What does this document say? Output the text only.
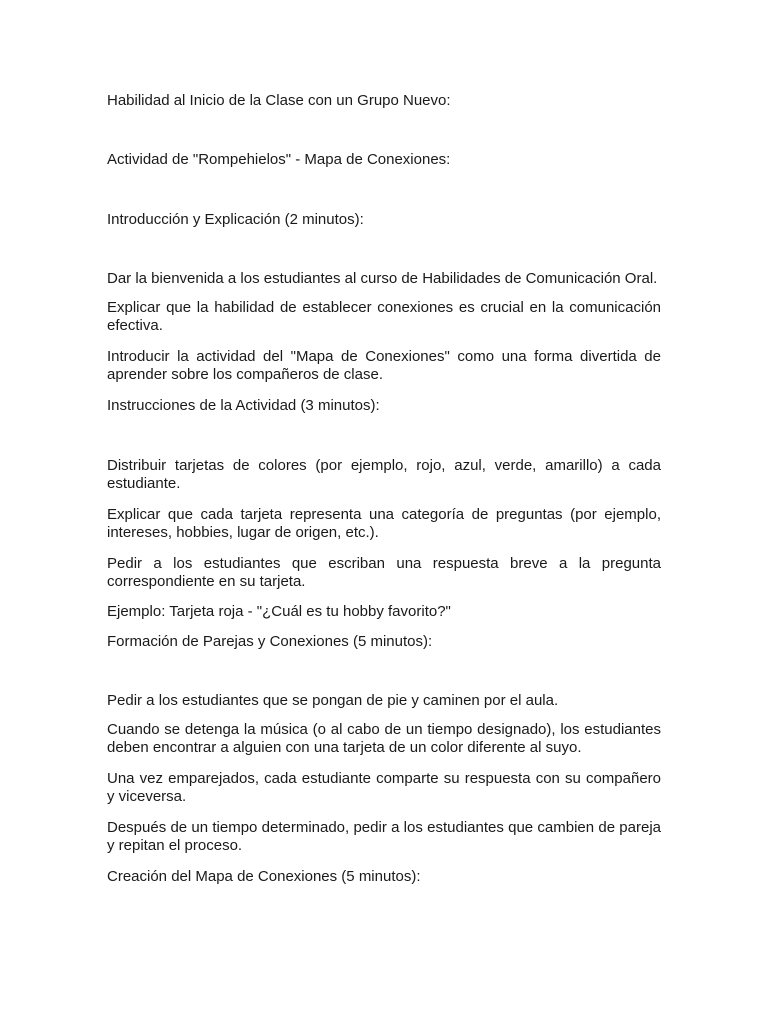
Habilidad al Inicio de la Clase con un Grupo Nuevo:

Actividad de "Rompehielos" - Mapa de Conexiones:

Introducción y Explicación (2 minutos):

Dar la bienvenida a los estudiantes al curso de Habilidades de Comunicación Oral.

Explicar que la habilidad de establecer conexiones es crucial en la comunicación efectiva.

Introducir la actividad del "Mapa de Conexiones" como una forma divertida de aprender sobre los compañeros de clase.

Instrucciones de la Actividad (3 minutos):

Distribuir tarjetas de colores (por ejemplo, rojo, azul, verde, amarillo) a cada estudiante.

Explicar que cada tarjeta representa una categoría de preguntas (por ejemplo, intereses, hobbies, lugar de origen, etc.).

Pedir a los estudiantes que escriban una respuesta breve a la pregunta correspondiente en su tarjeta.

Ejemplo: Tarjeta roja - "¿Cuál es tu hobby favorito?"

Formación de Parejas y Conexiones (5 minutos):

Pedir a los estudiantes que se pongan de pie y caminen por el aula.

Cuando se detenga la música (o al cabo de un tiempo designado), los estudiantes deben encontrar a alguien con una tarjeta de un color diferente al suyo.

Una vez emparejados, cada estudiante comparte su respuesta con su compañero y viceversa.

Después de un tiempo determinado, pedir a los estudiantes que cambien de pareja y repitan el proceso.

Creación del Mapa de Conexiones (5 minutos):
